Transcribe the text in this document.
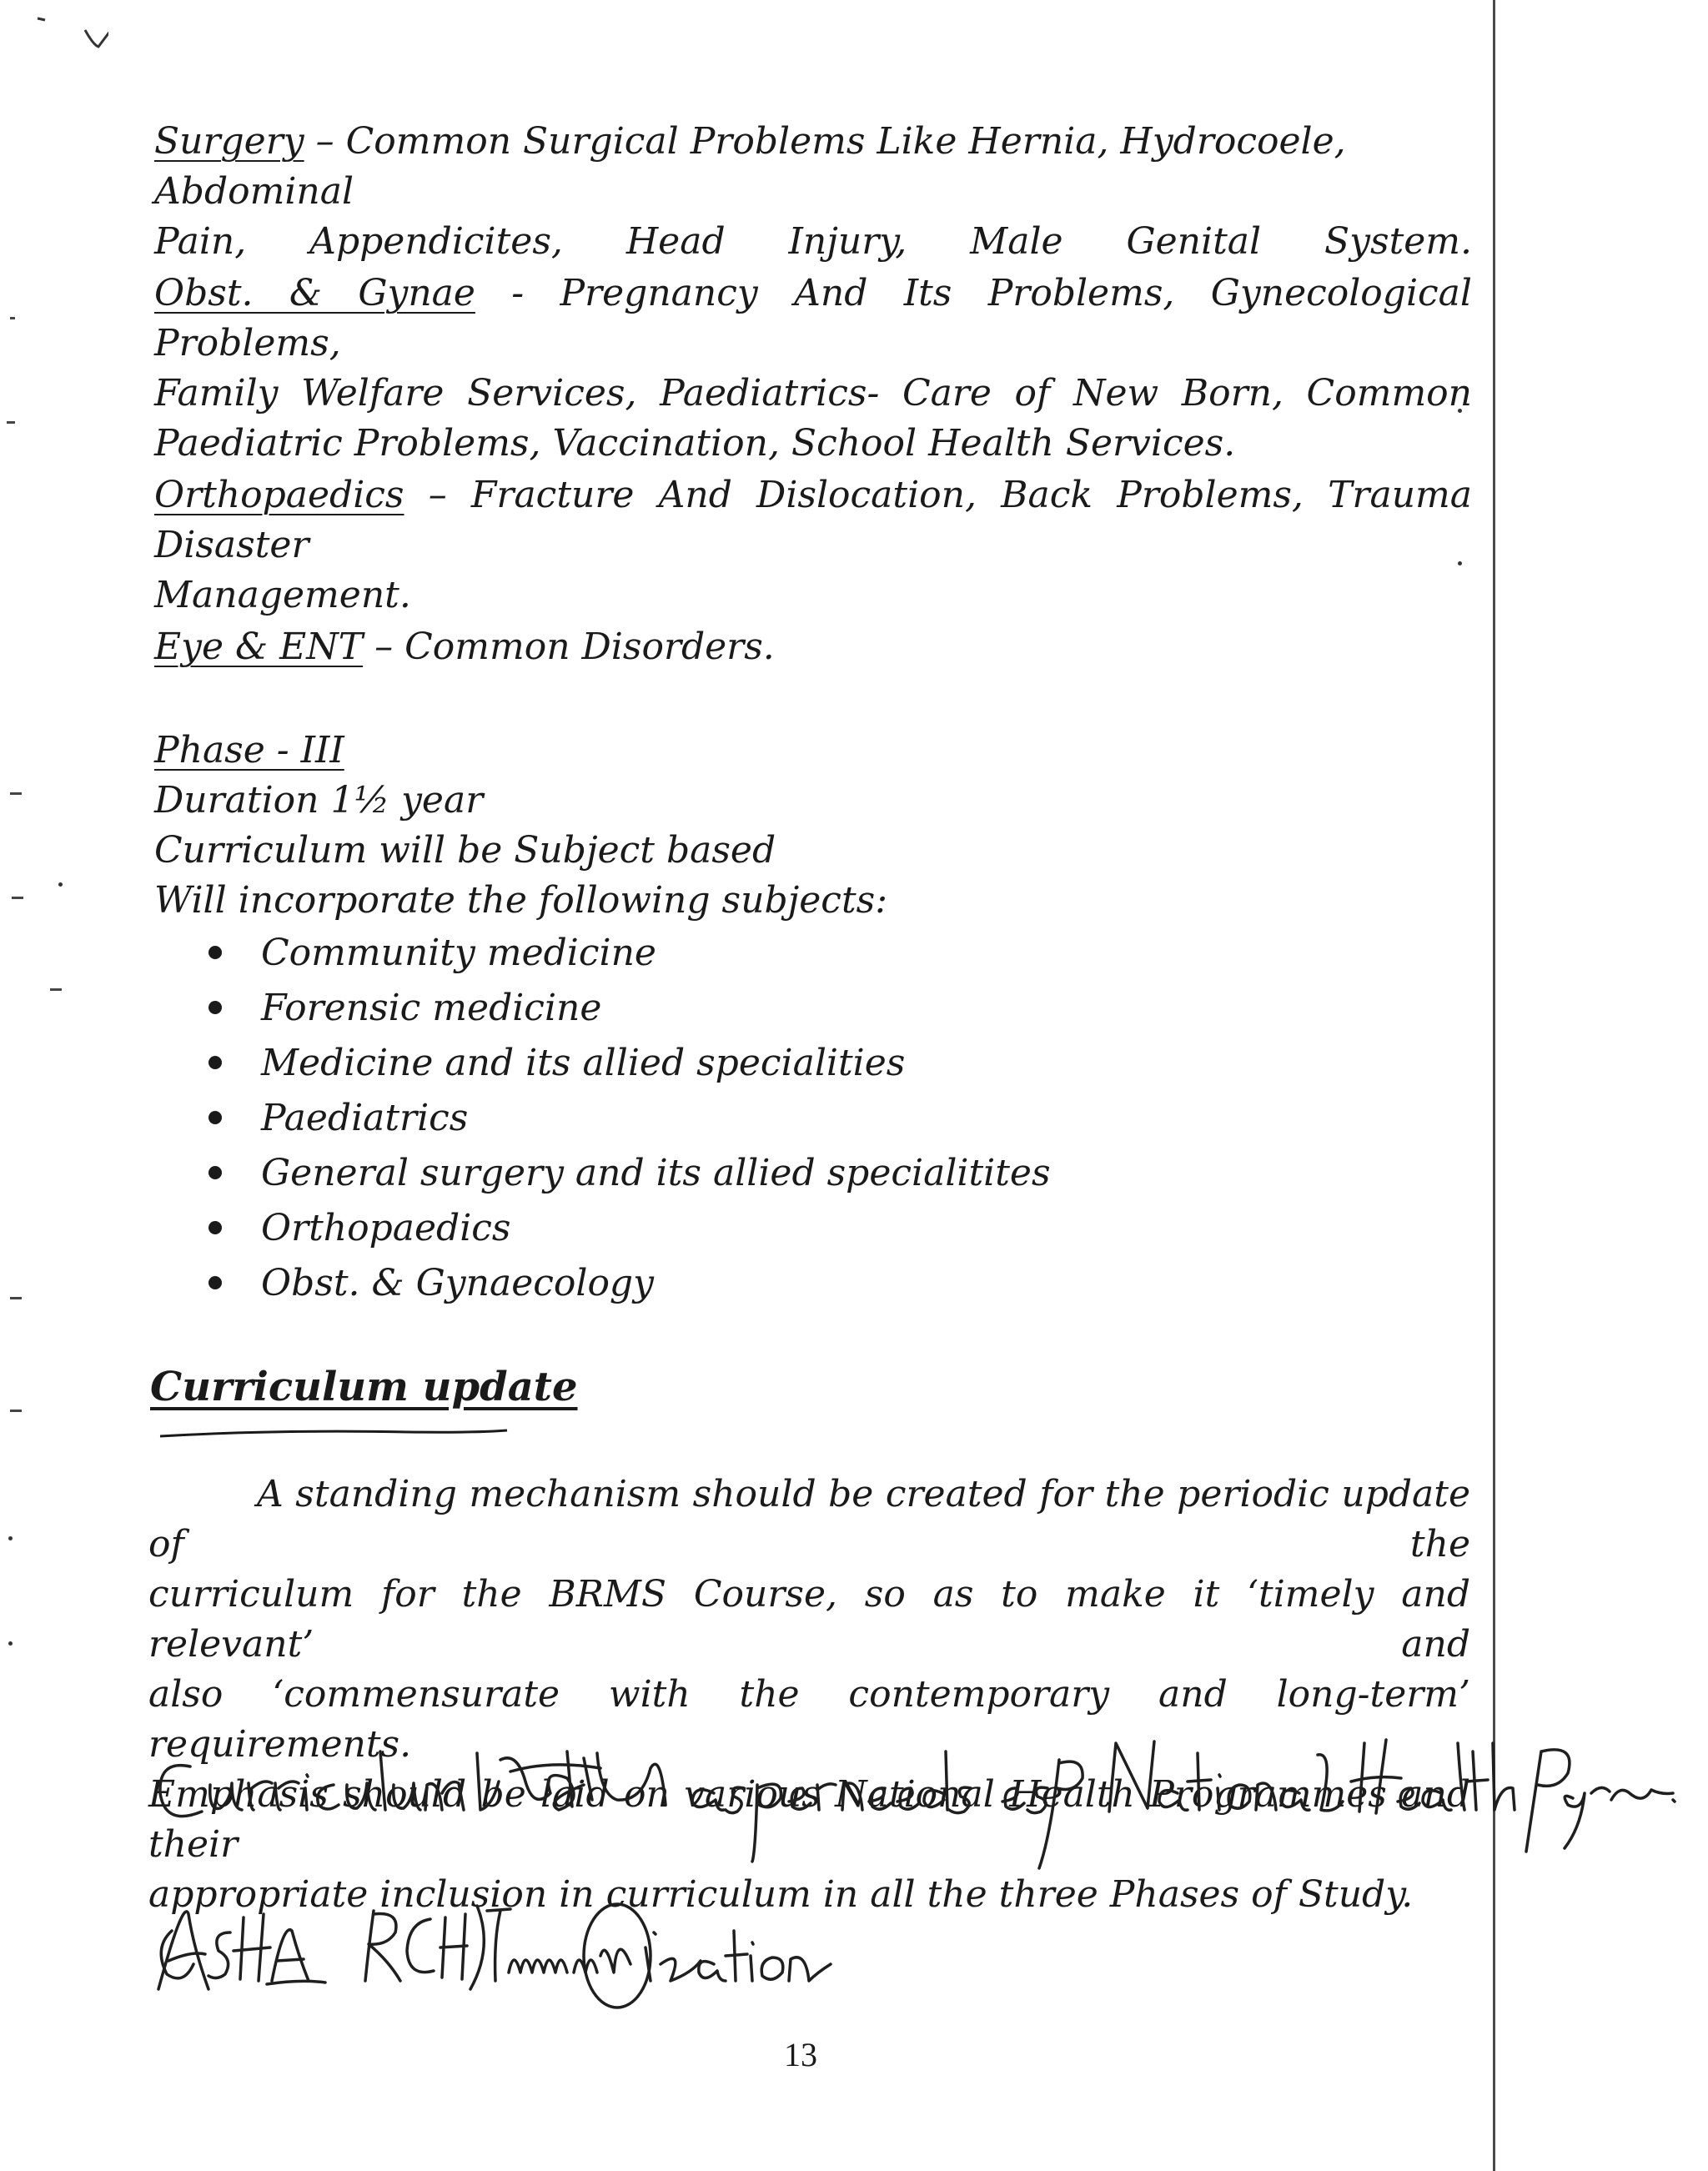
Surgery – Common Surgical Problems Like Hernia, Hydrocoele, Abdominal
Pain, Appendicites, Head Injury, Male Genital System.
Obst. & Gynae - Pregnancy And Its Problems, Gynecological Problems,
Family Welfare Services, Paediatrics- Care of New Born, Common
Paediatric Problems, Vaccination, School Health Services.
Orthopaedics – Fracture And Dislocation, Back Problems, Trauma Disaster
Management.
Eye & ENT – Common Disorders.
Phase - III
Duration 1½ year
Curriculum will be Subject based
Will incorporate the following subjects:
Community medicine
Forensic medicine
Medicine and its allied specialities
Paediatrics
General surgery and its allied specialitites
Orthopaedics
Obst. & Gynaecology
Curriculum update
A standing mechanism should be created for the periodic update of the
curriculum for the BRMS Course, so as to make it ‘timely and relevant’ and
also ‘commensurate with the contemporary and long-term’ requirements.
Emphasis should be laid on various National Health Programmes and their
appropriate inclusion in curriculum in all the three Phases of Study.
13
